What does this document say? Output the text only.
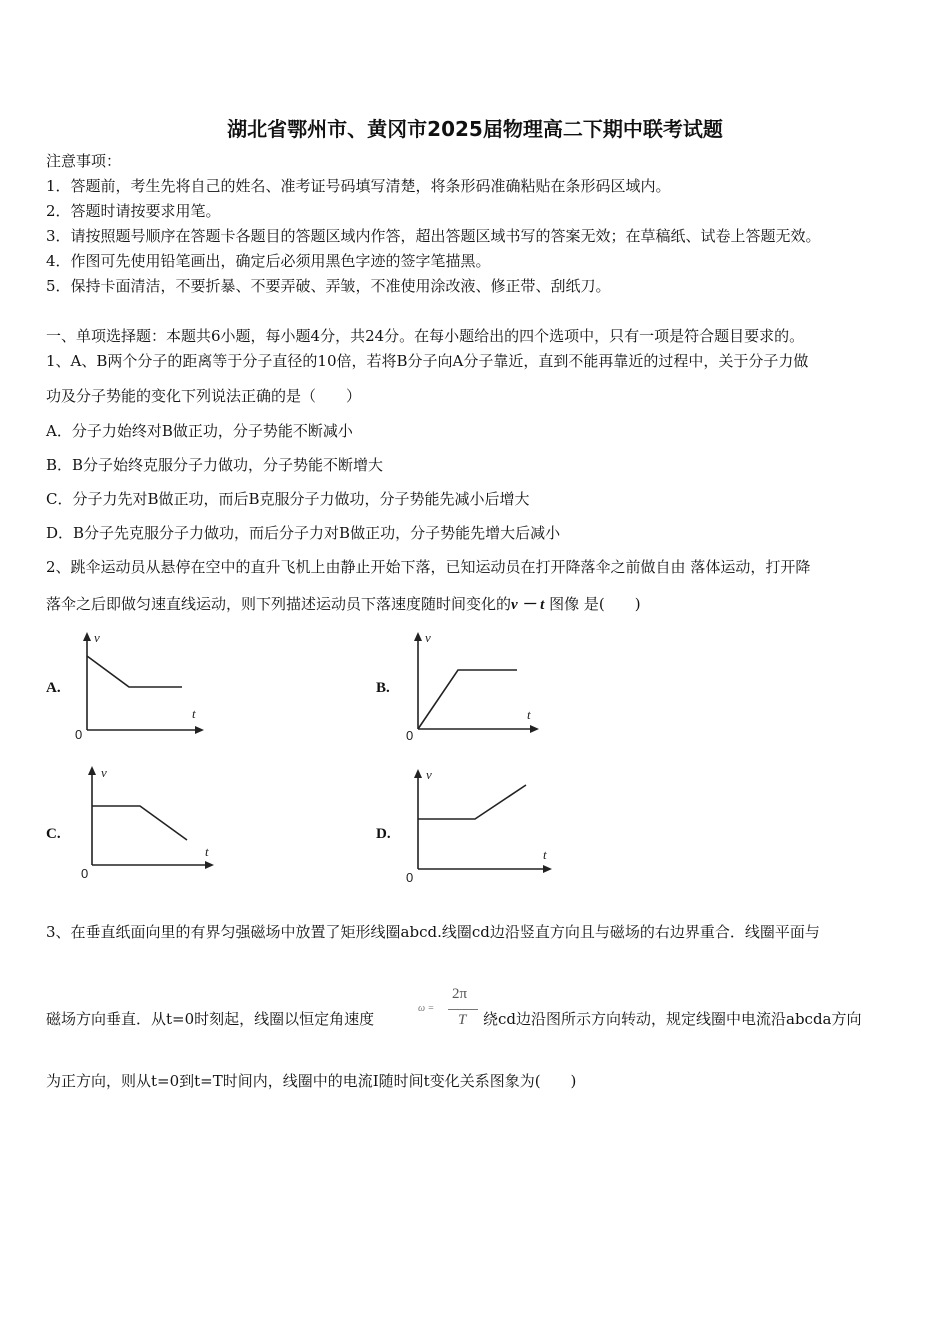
湖北省鄂州市、黄冈市2025届物理高二下期中联考试题
注意事项：
1．答题前，考生先将自己的姓名、准考证号码填写清楚，将条形码准确粘贴在条形码区域内。
2．答题时请按要求用笔。
3．请按照题号顺序在答题卡各题目的答题区域内作答，超出答题区域书写的答案无效；在草稿纸、试卷上答题无效。
4．作图可先使用铅笔画出，确定后必须用黑色字迹的签字笔描黑。
5．保持卡面清洁，不要折暴、不要弄破、弄皱，不准使用涂改液、修正带、刮纸刀。
一、单项选择题：本题共6小题，每小题4分，共24分。在每小题给出的四个选项中，只有一项是符合题目要求的。
1、A、B两个分子的距离等于分子直径的10倍，若将B分子向A分子靠近，直到不能再靠近的过程中，关于分子力做
功及分子势能的变化下列说法正确的是（　　）
A．分子力始终对B做正功，分子势能不断减小
B．B分子始终克服分子力做功，分子势能不断增大
C．分子力先对B做正功，而后B克服分子力做功，分子势能先减小后增大
D．B分子先克服分子力做功，而后分子力对B做正功，分子势能先增大后减小
2、跳伞运动员从悬停在空中的直升飞机上由静止开始下落，已知运动员在打开降落伞之前做自由 落体运动，打开降
落伞之后即做匀速直线运动，则下列描述运动员下落速度随时间变化的v － t 图像 是(　　)
A.
v
t
0
B.
v
t
0
C.
v
t
0
D.
v
t
0
3、在垂直纸面向里的有界匀强磁场中放置了矩形线圈abcd.线圈cd边沿竖直方向且与磁场的右边界重合．线圈平面与
磁场方向垂直．从t=0时刻起，线圈以恒定角速度
ω =
2π
T 绕cd边沿图所示方向转动，规定线圈中电流沿abcda方向
为正方向，则从t=0到t=T时间内，线圈中的电流I随时间t变化关系图象为(　　)
